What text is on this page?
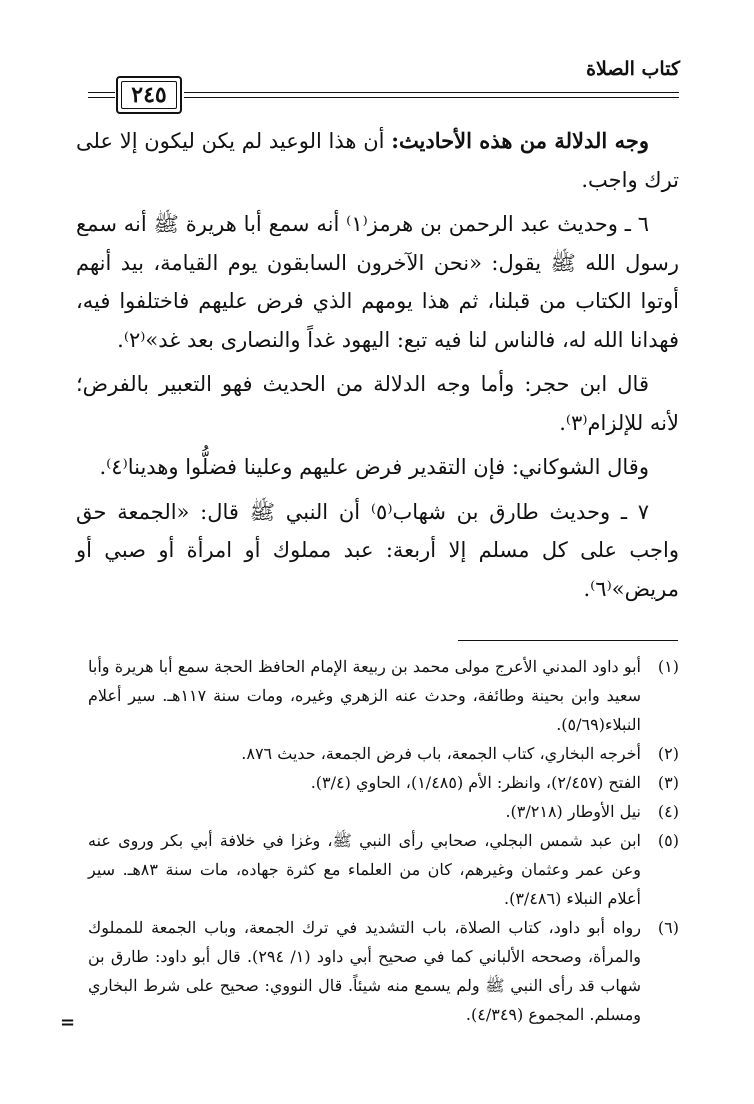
كتاب الصلاة
٢٤٥

وجه الدلالة من هذه الأحاديث: أن هذا الوعيد لم يكن ليكون إلا على ترك واجب.

٦ ـ وحديث عبد الرحمن بن هرمز⁽١⁾ أنه سمع أبا هريرة ﷺ أنه سمع رسول الله ﷺ يقول: «نحن الآخرون السابقون يوم القيامة، بيد أنهم أوتوا الكتاب من قبلنا، ثم هذا يومهم الذي فرض عليهم فاختلفوا فيه، فهدانا الله له، فالناس لنا فيه تبع: اليهود غداً والنصارى بعد غد»⁽٢⁾.

قال ابن حجر: وأما وجه الدلالة من الحديث فهو التعبير بالفرض؛ لأنه للإلزام⁽٣⁾.

وقال الشوكاني: فإن التقدير فرض عليهم وعلينا فضلُّوا وهدينا⁽٤⁾.

٧ ـ وحديث طارق بن شهاب⁽٥⁾ أن النبي ﷺ قال: «الجمعة حق واجب على كل مسلم إلا أربعة: عبد مملوك أو امرأة أو صبي أو مريض»⁽٦⁾.

(١)
أبو داود المدني الأعرج مولى محمد بن ربيعة الإمام الحافظ الحجة سمع أبا هريرة وأبا سعيد وابن بحينة وطائفة، وحدث عنه الزهري وغيره، ومات سنة ١١٧هـ. سير أعلام النبلاء(٥/٦٩).
(٢)
أخرجه البخاري، كتاب الجمعة، باب فرض الجمعة، حديث ٨٧٦.
(٣)
الفتح (٢/٤٥٧)، وانظر: الأم (١/٤٨٥)، الحاوي (٣/٤).
(٤)
نيل الأوطار (٣/٢١٨).
(٥)
ابن عبد شمس البجلي، صحابي رأى النبي ﷺ، وغزا في خلافة أبي بكر وروى عنه وعن عمر وعثمان وغيرهم، كان من العلماء مع كثرة جهاده، مات سنة ٨٣هـ. سير أعلام النبلاء (٣/٤٨٦).
(٦)
رواه أبو داود، كتاب الصلاة، باب التشديد في ترك الجمعة، وباب الجمعة للمملوك والمرأة، وصححه الألباني كما في صحيح أبي داود (١/ ٢٩٤). قال أبو داود: طارق بن شهاب قد رأى النبي ﷺ ولم يسمع منه شيئاً. قال النووي: صحيح على شرط البخاري ومسلم. المجموع (٤/٣٤٩).
=
